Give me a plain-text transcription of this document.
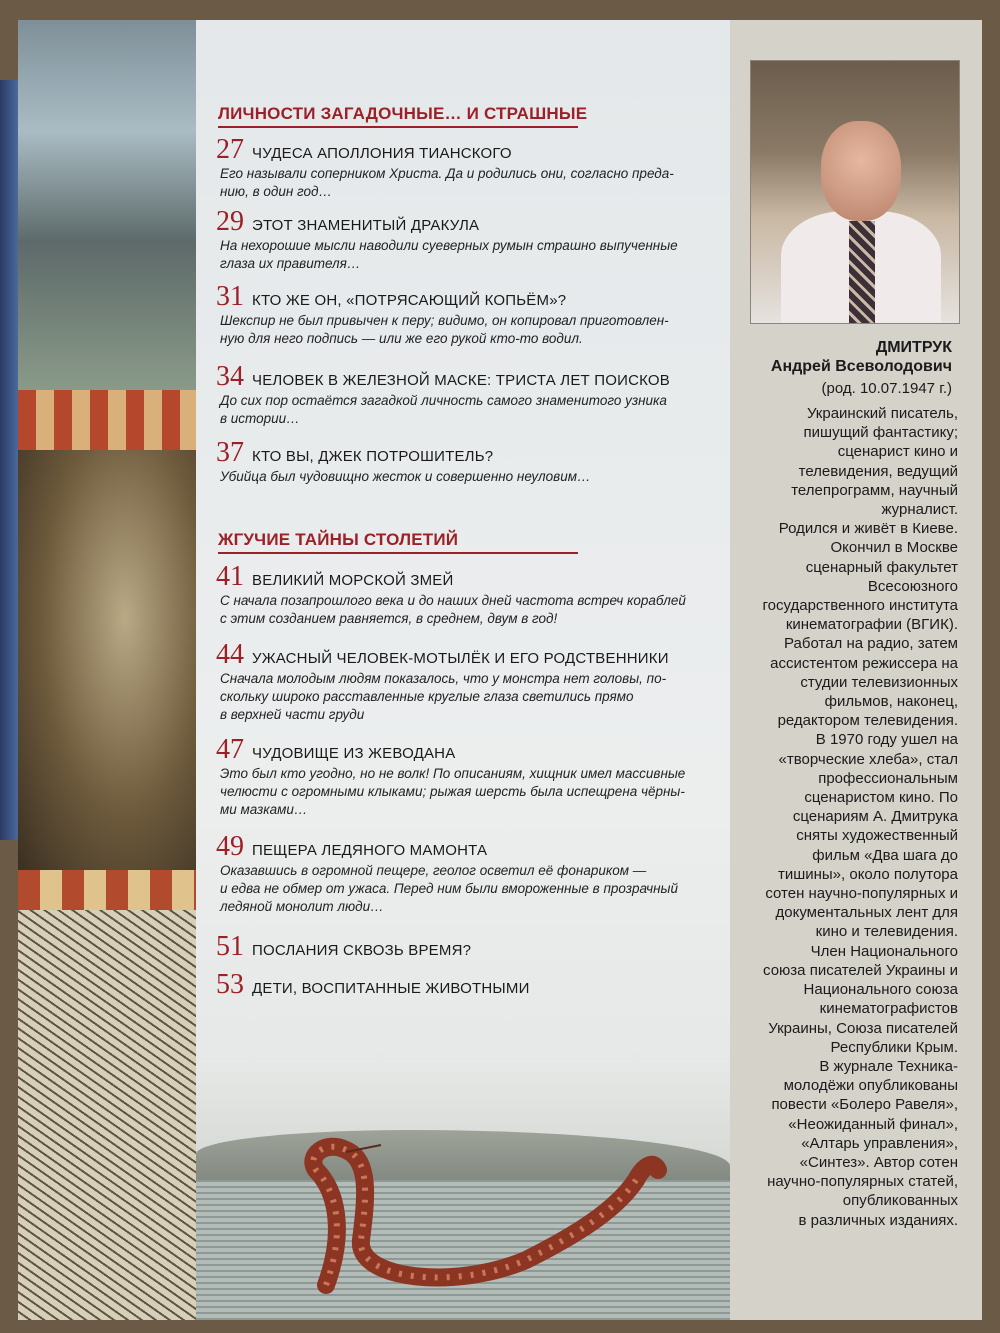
ЛИЧНОСТИ ЗАГАДОЧНЫЕ… И СТРАШНЫЕ
27 ЧУДЕСА АПОЛЛОНИЯ ТИАНСКОГО
Его называли соперником Христа. Да и родились они, согласно преда-
нию, в один год…
29 ЭТОТ ЗНАМЕНИТЫЙ ДРАКУЛА
На нехорошие мысли наводили суеверных румын страшно выпученные
глаза их правителя…
31 КТО ЖЕ ОН, «ПОТРЯСАЮЩИЙ КОПЬЁМ»?
Шекспир не был привычен к перу; видимо, он копировал приготовлен-
ную для него подпись — или же его рукой кто-то водил.
34 ЧЕЛОВЕК В ЖЕЛЕЗНОЙ МАСКЕ: ТРИСТА ЛЕТ ПОИСКОВ
До сих пор остаётся загадкой личность самого знаменитого узника
в истории…
37 КТО ВЫ, ДЖЕК ПОТРОШИТЕЛЬ?
Убийца был чудовищно жесток и совершенно неуловим…
ЖГУЧИЕ ТАЙНЫ СТОЛЕТИЙ
41 ВЕЛИКИЙ МОРСКОЙ ЗМЕЙ
С начала позапрошлого века и до наших дней частота встреч кораблей
с этим созданием равняется, в среднем, двум в год!
44 УЖАСНЫЙ ЧЕЛОВЕК-МОТЫЛЁК И ЕГО РОДСТВЕННИКИ
Сначала молодым людям показалось, что у монстра нет головы, по-
скольку широко расставленные круглые глаза светились прямо
в верхней части груди
47 ЧУДОВИЩЕ ИЗ ЖЕВОДАНА
Это был кто угодно, но не волк! По описаниям, хищник имел массивные
челюсти с огромными клыками; рыжая шерсть была испещрена чёрны-
ми мазками…
49 ПЕЩЕРА ЛЕДЯНОГО МАМОНТА
Оказавшись в огромной пещере, геолог осветил её фонариком —
и едва не обмер от ужаса. Перед ним были вмороженные в прозрачный
ледяной монолит люди…
51 ПОСЛАНИЯ СКВОЗЬ ВРЕМЯ?
53 ДЕТИ, ВОСПИТАННЫЕ ЖИВОТНЫМИ
ДМИТРУК
Андрей Всеволодович
(род. 10.07.1947 г.)

Украинский писатель,

пишущий фантастику;

сценарист кино и

телевидения, ведущий

телепрограмм, научный

журналист.

Родился и живёт в Киеве.

Окончил в Москве

сценарный факультет

Всесоюзного

государственного института

кинематографии (ВГИК).

Работал на радио, затем

ассистентом режиссера на

студии телевизионных

фильмов, наконец,

редактором телевидения.

В 1970 году ушел на

«творческие хлеба», стал

профессиональным

сценаристом кино. По

сценариям А. Дмитрука

сняты художественный

фильм «Два шага до

тишины», около полутора

сотен научно-популярных и

документальных лент для

кино и телевидения.

Член Национального

союза писателей Украины и

Национального союза

кинематографистов

Украины, Союза писателей

Республики Крым.

В журнале Техника-

молодёжи опубликованы

повести «Болеро Равеля»,

«Неожиданный финал»,

«Алтарь управления»,

«Синтез». Автор сотен

научно-популярных статей,

опубликованных

в различных изданиях.
